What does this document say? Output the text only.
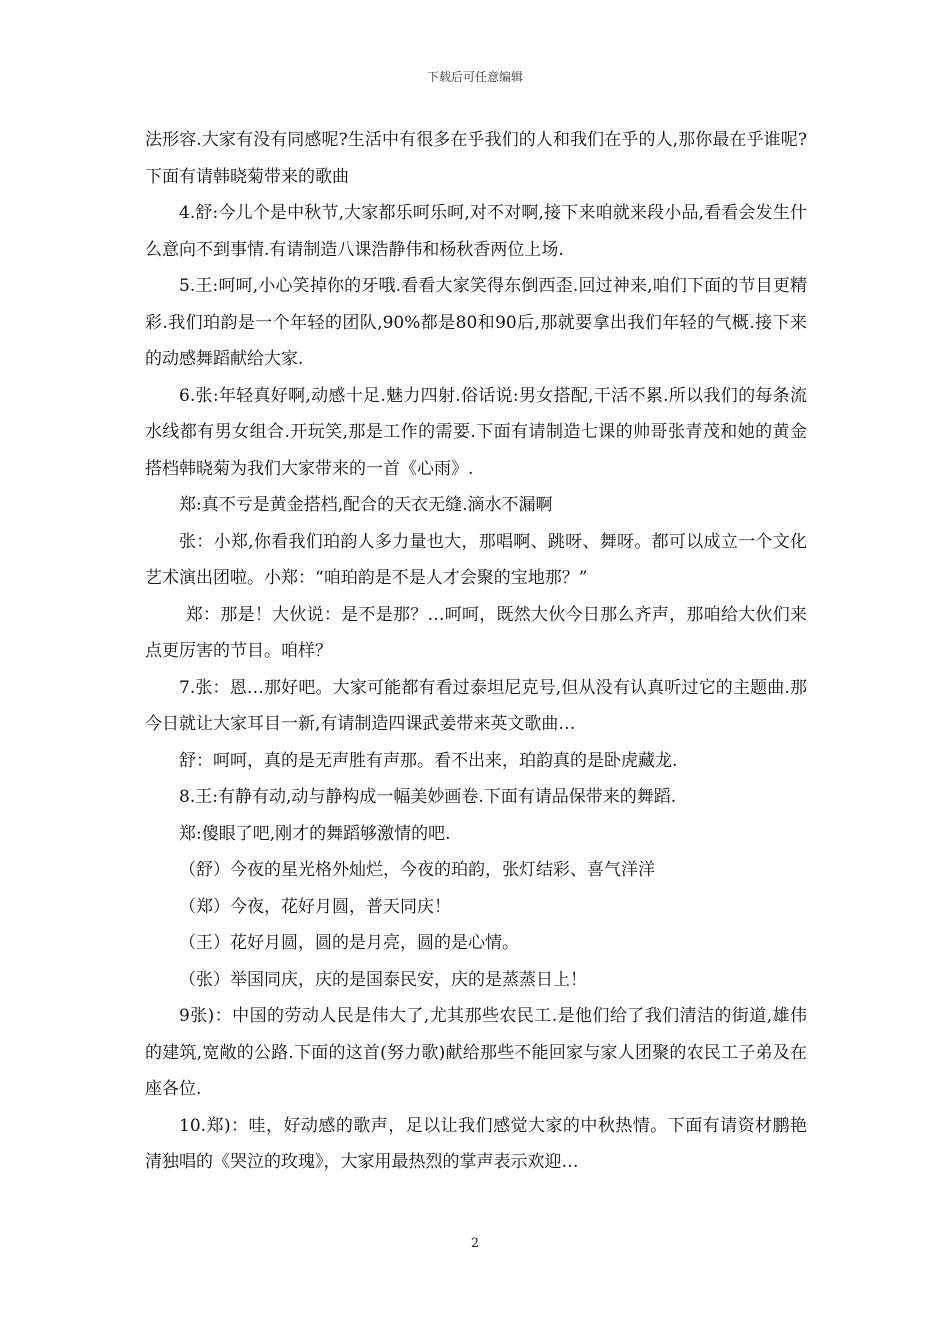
下载后可任意编辑

法形容.大家有没有同感呢?生活中有很多在乎我们的人和我们在乎的人,那你最在乎谁呢?下面有请韩晓菊带来的歌曲

4.舒:今儿个是中秋节,大家都乐呵乐呵,对不对啊,接下来咱就来段小品,看看会发生什么意向不到事情.有请制造八课浩静伟和杨秋香两位上场.

5.王:呵呵,小心笑掉你的牙哦.看看大家笑得东倒西歪.回过神来,咱们下面的节目更精彩.我们珀韵是一个年轻的团队,90%都是80和90后,那就要拿出我们年轻的气概.接下来的动感舞蹈献给大家.

6.张:年轻真好啊,动感十足.魅力四射.俗话说:男女搭配,干活不累.所以我们的每条流水线都有男女组合.开玩笑,那是工作的需要.下面有请制造七课的帅哥张青茂和她的黄金搭档韩晓菊为我们大家带来的一首《心雨》.

郑:真不亏是黄金搭档,配合的天衣无缝.滴水不漏啊

张：小郑,你看我们珀韵人多力量也大，那唱啊、跳呀、舞呀。都可以成立一个文化艺术演出团啦。小郑：“咱珀韵是不是人才会聚的宝地那？”

郑：那是！大伙说：是不是那？…呵呵，既然大伙今日那么齐声，那咱给大伙们来点更厉害的节目。咱样？

7.张：恩…那好吧。大家可能都有看过泰坦尼克号,但从没有认真听过它的主题曲.那今日就让大家耳目一新,有请制造四课武姜带来英文歌曲…

舒：呵呵，真的是无声胜有声那。看不出来，珀韵真的是卧虎藏龙.

8.王:有静有动,动与静构成一幅美妙画卷.下面有请品保带来的舞蹈.

郑:傻眼了吧,刚才的舞蹈够激情的吧.

（舒）今夜的星光格外灿烂，今夜的珀韵，张灯结彩、喜气洋洋

（郑）今夜，花好月圆，普天同庆！

（王）花好月圆，圆的是月亮，圆的是心情。

（张）举国同庆，庆的是国泰民安，庆的是蒸蒸日上！

9张)：中国的劳动人民是伟大了,尤其那些农民工.是他们给了我们清洁的街道,雄伟的建筑,宽敞的公路.下面的这首(努力歌)献给那些不能回家与家人团聚的农民工子弟及在座各位.

10.郑)：哇，好动感的歌声，足以让我们感觉大家的中秋热情。下面有请资材鹏艳清独唱的《哭泣的玫瑰》，大家用最热烈的掌声表示欢迎…

2
